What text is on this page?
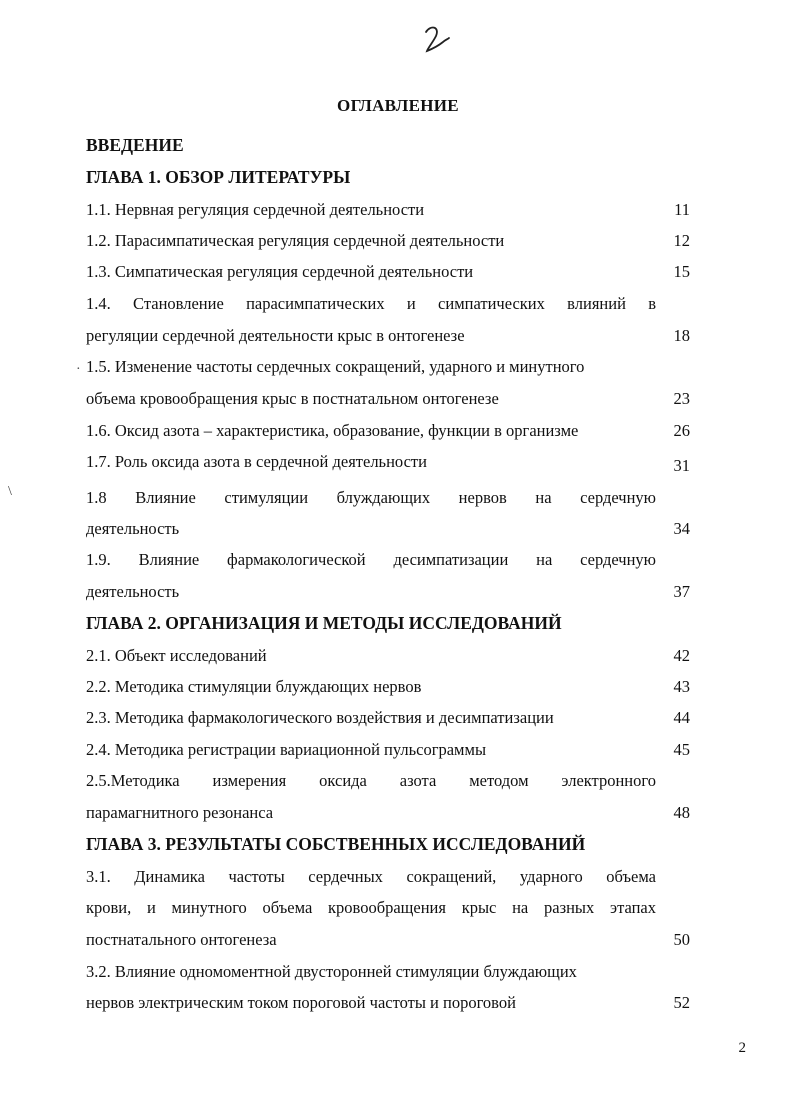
ОГЛАВЛЕНИЕ
ВВЕДЕНИЕ
ГЛАВА 1. ОБЗОР ЛИТЕРАТУРЫ
1.1. Нервная регуляция сердечной деятельности	11
1.2. Парасимпатическая регуляция сердечной деятельности	12
1.3. Симпатическая регуляция сердечной деятельности	15
1.4. Становление парасимпатических и симпатических влияний в
регуляции сердечной деятельности крыс в онтогенезе	18
1.5. Изменение частоты сердечных сокращений, ударного и минутного
объема кровообращения крыс в постнатальном онтогенезе	23
1.6. Оксид азота – характеристика, образование, функции в организме	26
1.7. Роль оксида азота в сердечной деятельности	31
1.8 Влияние стимуляции блуждающих нервов на сердечную
деятельность	34
1.9. Влияние фармакологической десимпатизации на сердечную
деятельность	37
ГЛАВА 2. ОРГАНИЗАЦИЯ И МЕТОДЫ ИССЛЕДОВАНИЙ
2.1. Объект исследований	42
2.2. Методика стимуляции блуждающих нервов	43
2.3. Методика фармакологического воздействия и десимпатизации	44
2.4. Методика регистрации вариационной пульсограммы	45
2.5.Методика измерения оксида азота методом электронного
парамагнитного резонанса	48
ГЛАВА 3. РЕЗУЛЬТАТЫ СОБСТВЕННЫХ ИССЛЕДОВАНИЙ
3.1. Динамика частоты сердечных сокращений, ударного объема
крови, и минутного объема кровообращения крыс на разных этапах
постнатального онтогенеза	50
3.2. Влияние одномоментной двусторонней стимуляции блуждающих
нервов электрическим током пороговой частоты и пороговой	52
·
\
2
